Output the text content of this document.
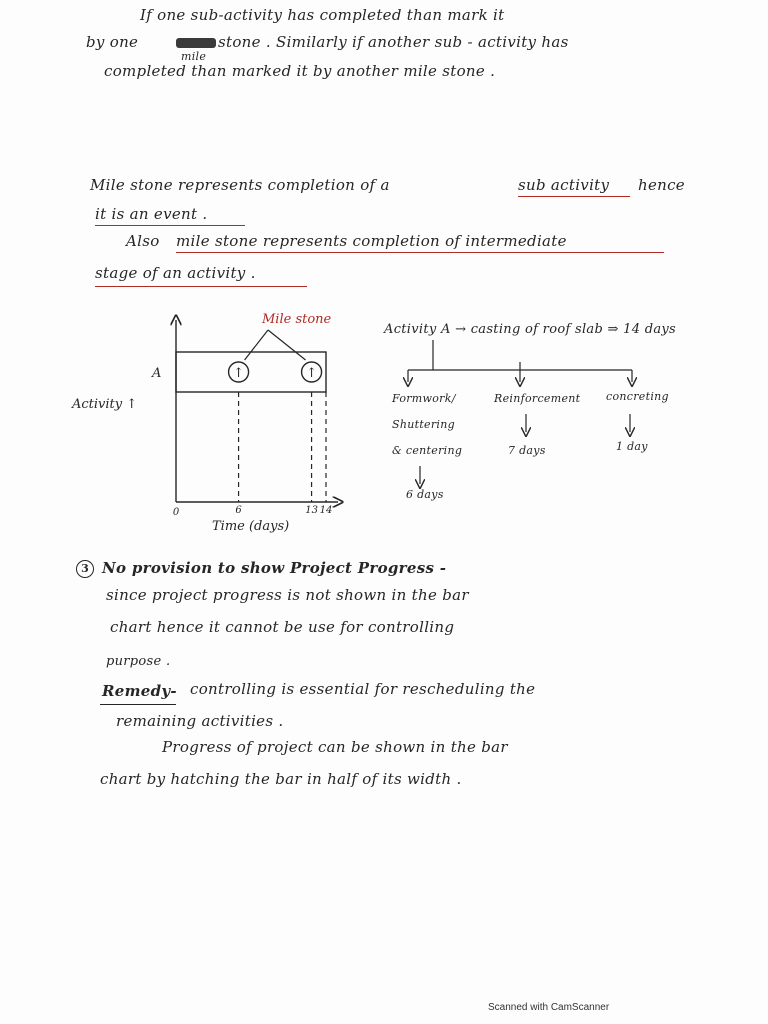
If one sub-activity has completed than mark it
by one
mile
stone . Similarly if another sub - activity has
completed than marked it by another mile stone .
Mile stone represents completion of a	sub activity hence
it is an event .
Also mile stone represents completion of intermediate
stage of an activity .
Mile stone
A
Activity ↑
Time (days)
↑	↑
0	6	13 14
Activity A → casting of roof slab ⇒ 14 days
Formwork/
Shuttering
& centering
6 days
Reinforcement
7 days
concreting
1 day
3 No provision to show Project Progress -
since project progress is not shown in the bar
chart hence it cannot be use for controlling
purpose .
Remedy- controlling is essential for rescheduling the
remaining activities .
Progress of project can be shown in the bar
chart by hatching the bar in half of its width .
Scanned with CamScanner
